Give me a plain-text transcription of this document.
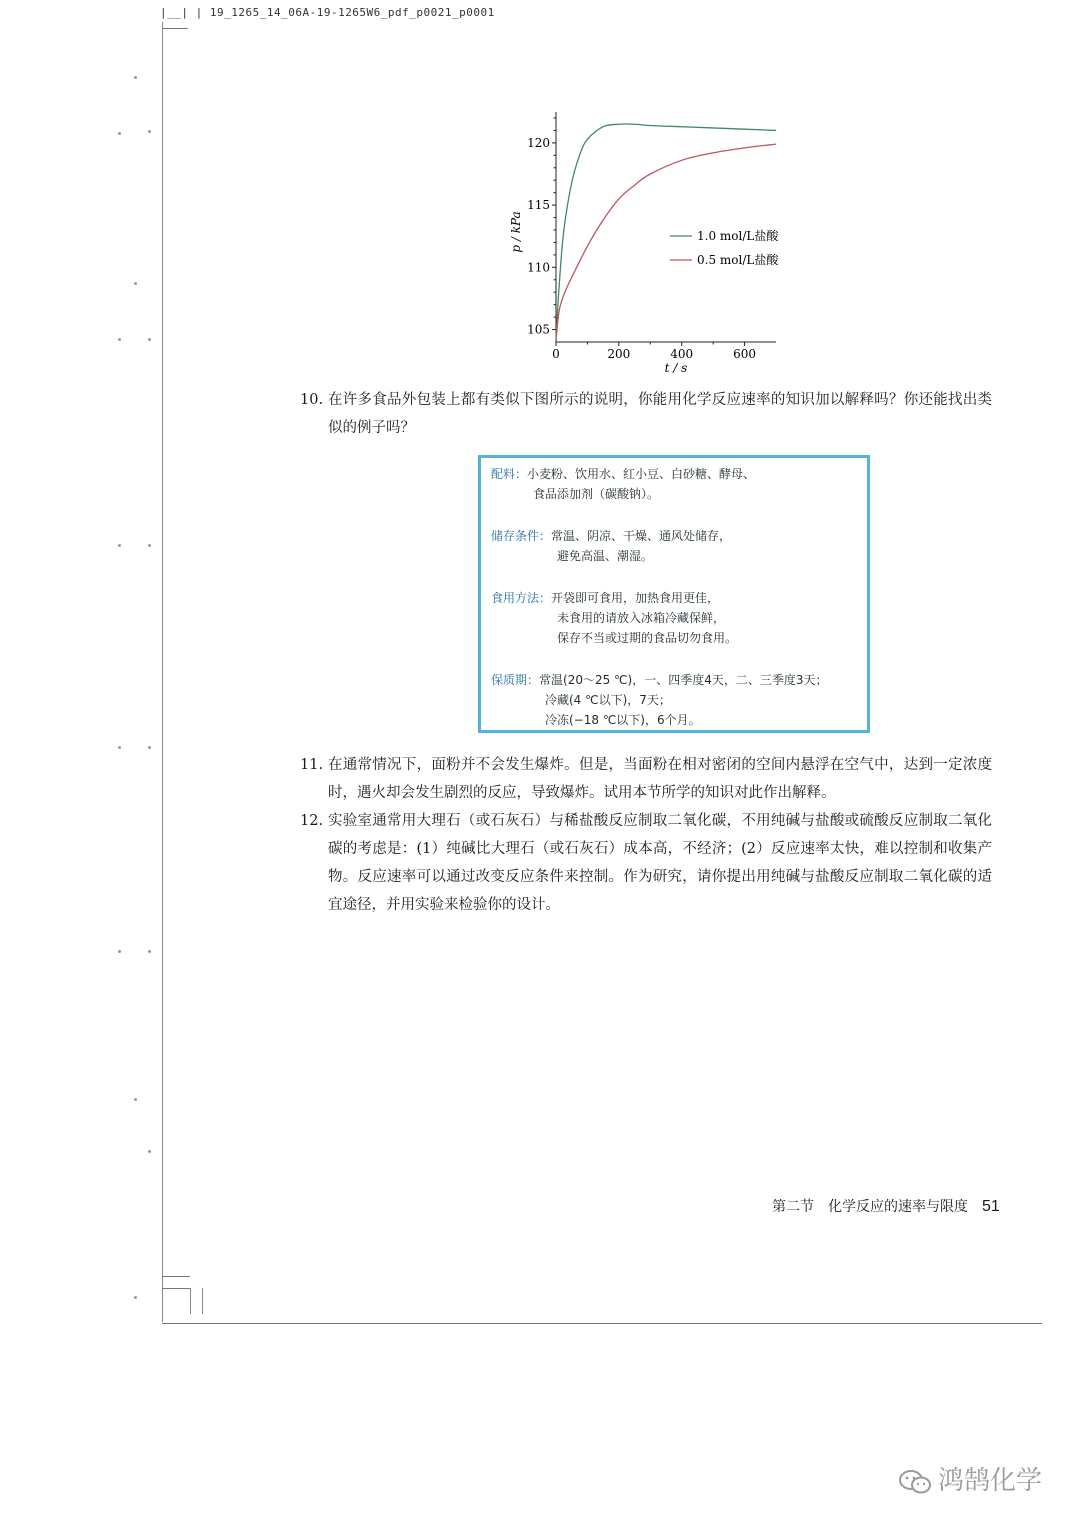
|__| | 19_1265_14_06A-19-1265W6_pdf_p0021_p0001
0	200	400	600
105
110
115
120
p / kPa
t / s
1.0 mol/L盐酸
0.5 mol/L盐酸
10. 在许多食品外包装上都有类似下图所示的说明，你能用化学反应速率的知识加以解释吗？你还能找出类似的例子吗？
配料：小麦粉、饮用水、红小豆、白砂糖、酵母、
食品添加剂（碳酸钠）。
储存条件：常温、阴凉、干燥、通风处储存，
避免高温、潮湿。
食用方法：开袋即可食用，加热食用更佳，
未食用的请放入冰箱冷藏保鲜，
保存不当或过期的食品切勿食用。
保质期：常温(20～25 ℃)，一、四季度4天，二、三季度3天；
冷藏(4 ℃以下)，7天；
冷冻(−18 ℃以下)，6个月。
11. 在通常情况下，面粉并不会发生爆炸。但是，当面粉在相对密闭的空间内悬浮在空气中，达到一定浓度时，遇火却会发生剧烈的反应，导致爆炸。试用本节所学的知识对此作出解释。
12. 实验室通常用大理石（或石灰石）与稀盐酸反应制取二氧化碳，不用纯碱与盐酸或硫酸反应制取二氧化碳的考虑是：(1）纯碱比大理石（或石灰石）成本高，不经济；(2）反应速率太快，难以控制和收集产物。反应速率可以通过改变反应条件来控制。作为研究，请你提出用纯碱与盐酸反应制取二氧化碳的适宜途径，并用实验来检验你的设计。
第二节　化学反应的速率与限度 51
鸿鹄化学
